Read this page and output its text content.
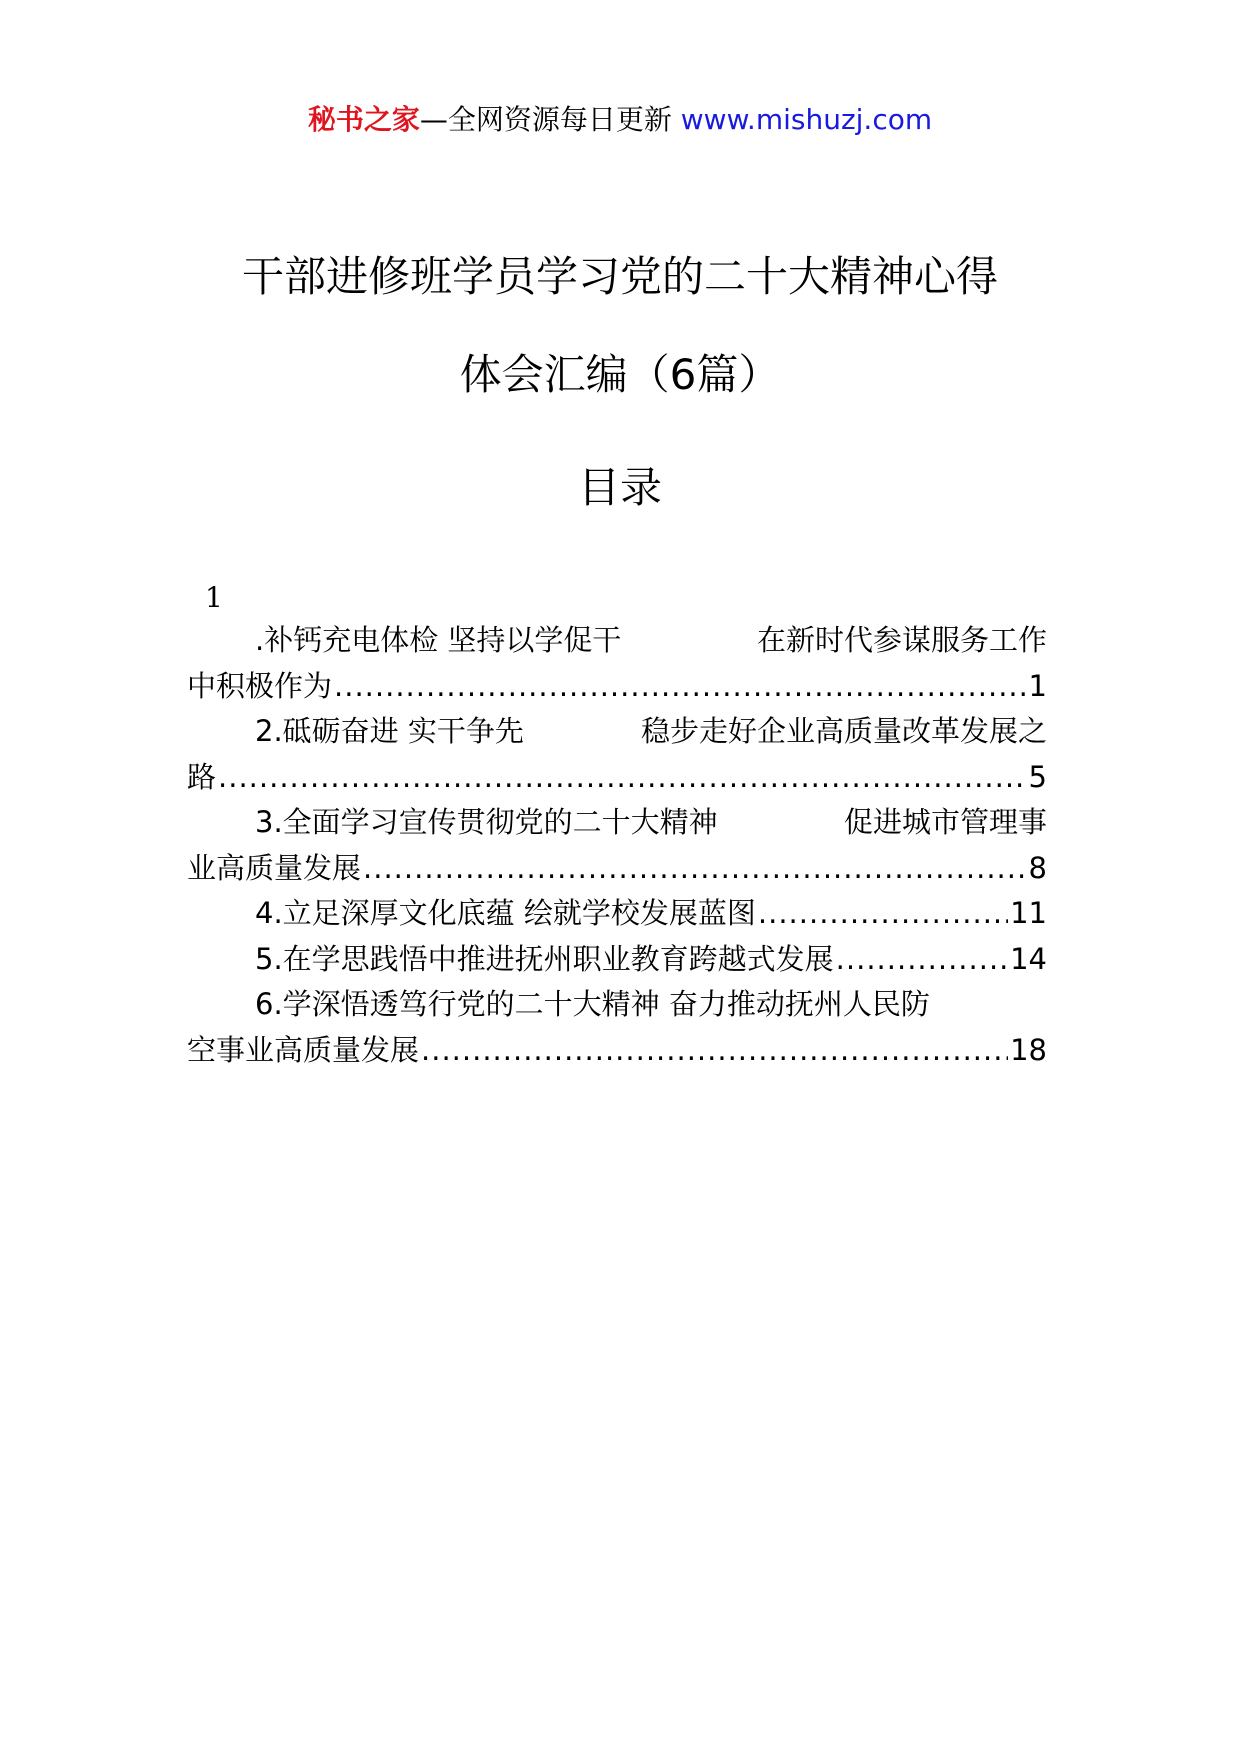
秘书之家—全网资源每日更新 www.mishuzj.com
干部进修班学员学习党的二十大精神心得
体会汇编（6篇）
目录
1
.补钙充电体检 坚持以学促干	在新时代参谋服务工作
中积极作为 .....	1
2.砥砺奋进 实干争先	稳步走好企业高质量改革发展之
路 .....	5
3.全面学习宣传贯彻党的二十大精神	促进城市管理事
业高质量发展 .....	8
4.立足深厚文化底蕴 绘就学校发展蓝图 .....	11
5.在学思践悟中推进抚州职业教育跨越式发展 .....	14
6.学深悟透笃行党的二十大精神 奋力推动抚州人民防
空事业高质量发展 .....	18
